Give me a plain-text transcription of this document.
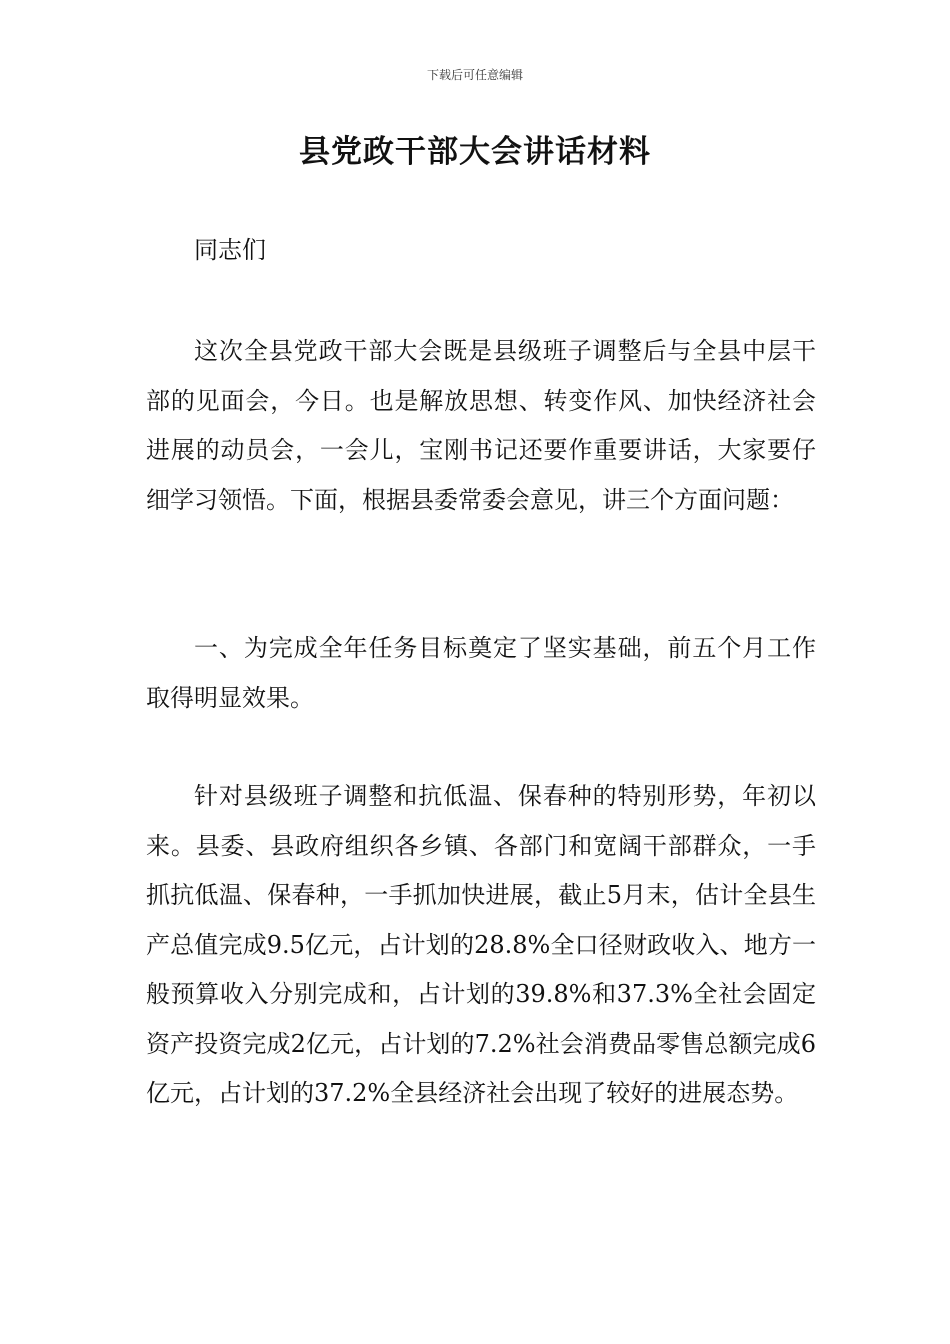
下载后可任意编辑
县党政干部大会讲话材料

同志们

这次全县党政干部大会既是县级班子调整后与全县中层干部的见面会，今日。也是解放思想、转变作风、加快经济社会进展的动员会，一会儿，宝刚书记还要作重要讲话，大家要仔细学习领悟。下面，根据县委常委会意见，讲三个方面问题：

一、为完成全年任务目标奠定了坚实基础，前五个月工作取得明显效果。

针对县级班子调整和抗低温、保春种的特别形势，年初以来。县委、县政府组织各乡镇、各部门和宽阔干部群众，一手抓抗低温、保春种，一手抓加快进展，截止5月末，估计全县生产总值完成9.5亿元，占计划的28.8%全口径财政收入、地方一般预算收入分别完成和，占计划的39.8%和37.3%全社会固定资产投资完成2亿元，占计划的7.2%社会消费品零售总额完成6亿元，占计划的37.2%全县经济社会出现了较好的进展态势。
